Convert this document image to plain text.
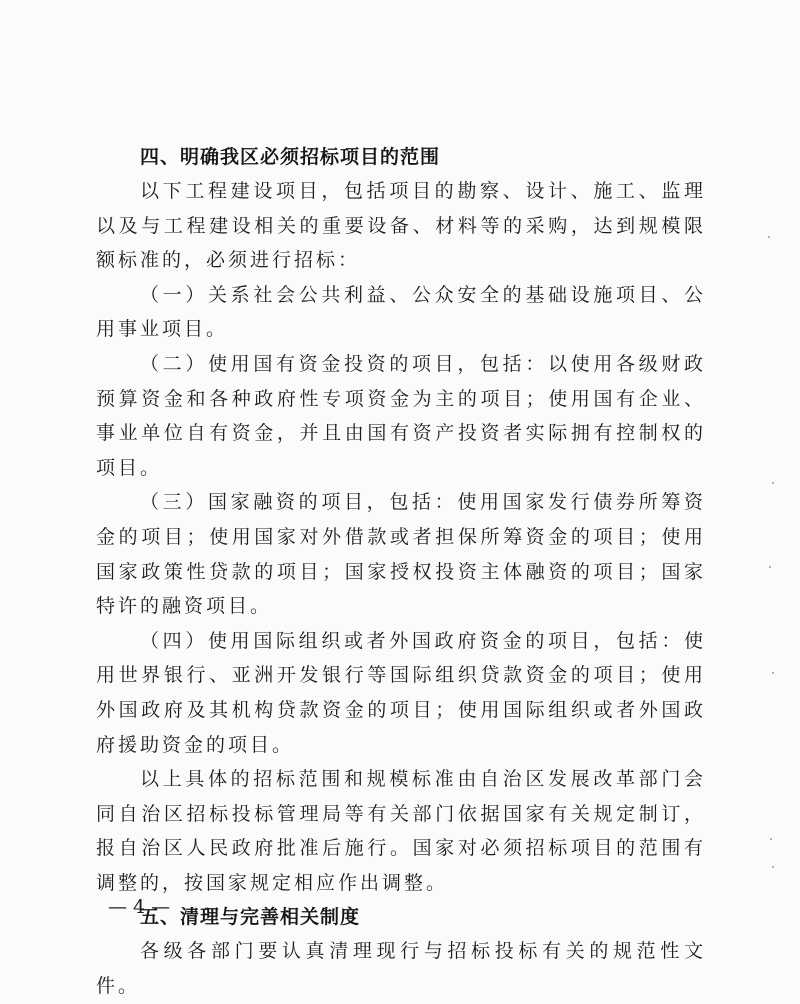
四、明确我区必须招标项目的范围

以下工程建设项目，包括项目的勘察、设计、施工、监理以及与工程建设相关的重要设备、材料等的采购，达到规模限额标准的，必须进行招标：

（一）关系社会公共利益、公众安全的基础设施项目、公用事业项目。

（二）使用国有资金投资的项目，包括：以使用各级财政预算资金和各种政府性专项资金为主的项目；使用国有企业、事业单位自有资金，并且由国有资产投资者实际拥有控制权的项目。

（三）国家融资的项目，包括：使用国家发行债券所筹资金的项目；使用国家对外借款或者担保所筹资金的项目；使用国家政策性贷款的项目；国家授权投资主体融资的项目；国家特许的融资项目。

（四）使用国际组织或者外国政府资金的项目，包括：使用世界银行、亚洲开发银行等国际组织贷款资金的项目；使用外国政府及其机构贷款资金的项目；使用国际组织或者外国政府援助资金的项目。

以上具体的招标范围和规模标准由自治区发展改革部门会同自治区招标投标管理局等有关部门依据国家有关规定制订，报自治区人民政府批准后施行。国家对必须招标项目的范围有调整的，按国家规定相应作出调整。

五、清理与完善相关制度

各级各部门要认真清理现行与招标投标有关的规范性文件。

— 4 —
